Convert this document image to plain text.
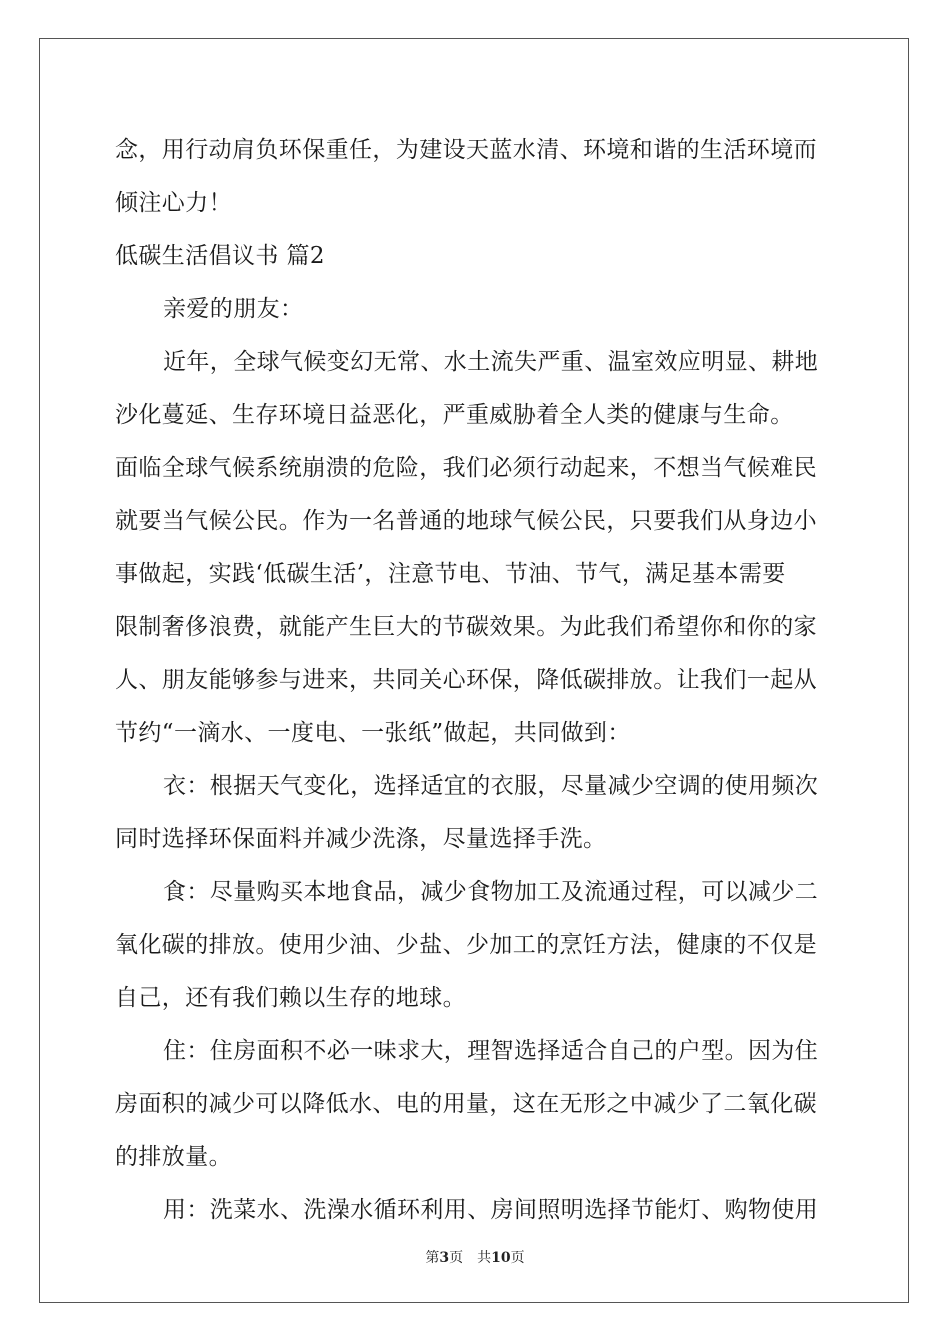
念，用行动肩负环保重任，为建设天蓝水清、环境和谐的生活环境而
倾注心力！
低碳生活倡议书 篇2
亲爱的朋友：
近年，全球气候变幻无常、水土流失严重、温室效应明显、耕地
沙化蔓延、生存环境日益恶化，严重威胁着全人类的健康与生命。
面临全球气候系统崩溃的危险，我们必须行动起来，不想当气候难民
就要当气候公民。作为一名普通的地球气候公民，只要我们从身边小
事做起，实践‘低碳生活’，注意节电、节油、节气，满足基本需要
限制奢侈浪费，就能产生巨大的节碳效果。为此我们希望你和你的家
人、朋友能够参与进来，共同关心环保，降低碳排放。让我们一起从
节约“一滴水、一度电、一张纸”做起，共同做到：
衣：根据天气变化，选择适宜的衣服，尽量减少空调的使用频次
同时选择环保面料并减少洗涤，尽量选择手洗。
食：尽量购买本地食品，减少食物加工及流通过程，可以减少二
氧化碳的排放。使用少油、少盐、少加工的烹饪方法，健康的不仅是
自己，还有我们赖以生存的地球。
住：住房面积不必一味求大，理智选择适合自己的户型。因为住
房面积的减少可以降低水、电的用量，这在无形之中减少了二氧化碳
的排放量。
用：洗菜水、洗澡水循环利用、房间照明选择节能灯、购物使用
第3页 共10页
